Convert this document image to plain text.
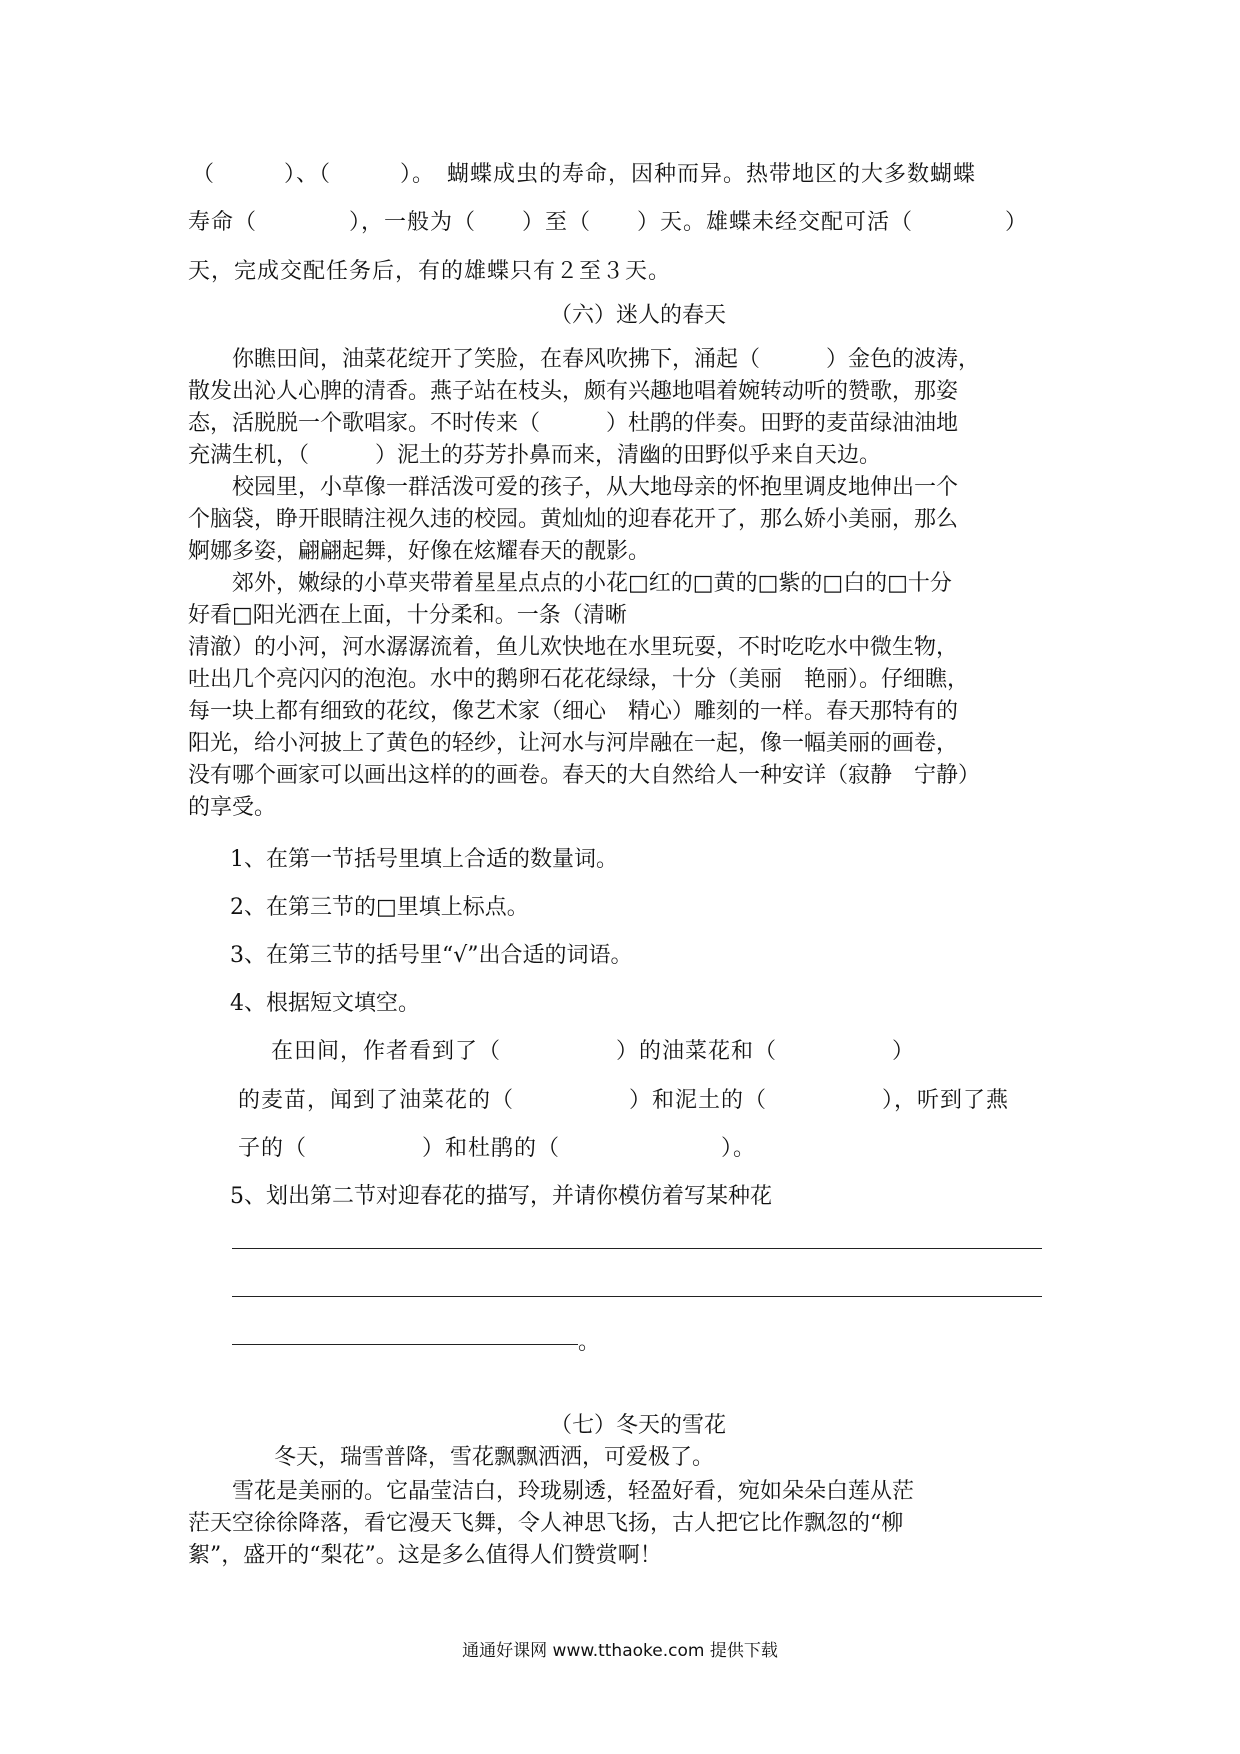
（　　　）、（　　　）。　蝴蝶成虫的寿命，因种而异。热带地区的大多数蝴蝶
寿命（　　　　），一般为（　　）至（　　）天。雄蝶未经交配可活（　　　　）
天，完成交配任务后，有的雄蝶只有２至３天。
（六）迷人的春天
　　你瞧田间，油菜花绽开了笑脸，在春风吹拂下，涌起（　　　）金色的波涛，
散发出沁人心脾的清香。燕子站在枝头，颇有兴趣地唱着婉转动听的赞歌，那姿
态，活脱脱一个歌唱家。不时传来（　　　）杜鹃的伴奏。田野的麦苗绿油油地
充满生机，（　　　）泥土的芬芳扑鼻而来，清幽的田野似乎来自天边。
　　校园里，小草像一群活泼可爱的孩子，从大地母亲的怀抱里调皮地伸出一个
个脑袋，睁开眼睛注视久违的校园。黄灿灿的迎春花开了，那么娇小美丽，那么
婀娜多姿，翩翩起舞，好像在炫耀春天的靓影。
　　郊外，嫩绿的小草夹带着星星点点的小花□红的□黄的□紫的□白的□十分
好看□阳光洒在上面，十分柔和。一条（清晰
清澈）的小河，河水潺潺流着，鱼儿欢快地在水里玩耍，不时吃吃水中微生物，
吐出几个亮闪闪的泡泡。水中的鹅卵石花花绿绿，十分（美丽　艳丽）。仔细瞧，
每一块上都有细致的花纹，像艺术家（细心　精心）雕刻的一样。春天那特有的
阳光，给小河披上了黄色的轻纱，让河水与河岸融在一起，像一幅美丽的画卷，
没有哪个画家可以画出这样的的画卷。春天的大自然给人一种安详（寂静　宁静）
的享受。
1、在第一节括号里填上合适的数量词。
2、在第三节的□里填上标点。
3、在第三节的括号里“√”出合适的词语。
4、根据短文填空。
　在田间，作者看到了（　　　　　）的油菜花和（　　　　　）
的麦苗，闻到了油菜花的（　　　　　）和泥土的（　　　　　），听到了燕
子的（　　　　　）和杜鹃的（　　　　　　　）。
5、划出第二节对迎春花的描写，并请你模仿着写某种花
。
（七）冬天的雪花
　　冬天，瑞雪普降，雪花飘飘洒洒，可爱极了。
　　雪花是美丽的。它晶莹洁白，玲珑剔透，轻盈好看，宛如朵朵白莲从茫
茫天空徐徐降落，看它漫天飞舞，令人神思飞扬，古人把它比作飘忽的“柳
絮”，盛开的“梨花”。这是多么值得人们赞赏啊！
通通好课网 www.tthaoke.com 提供下载
